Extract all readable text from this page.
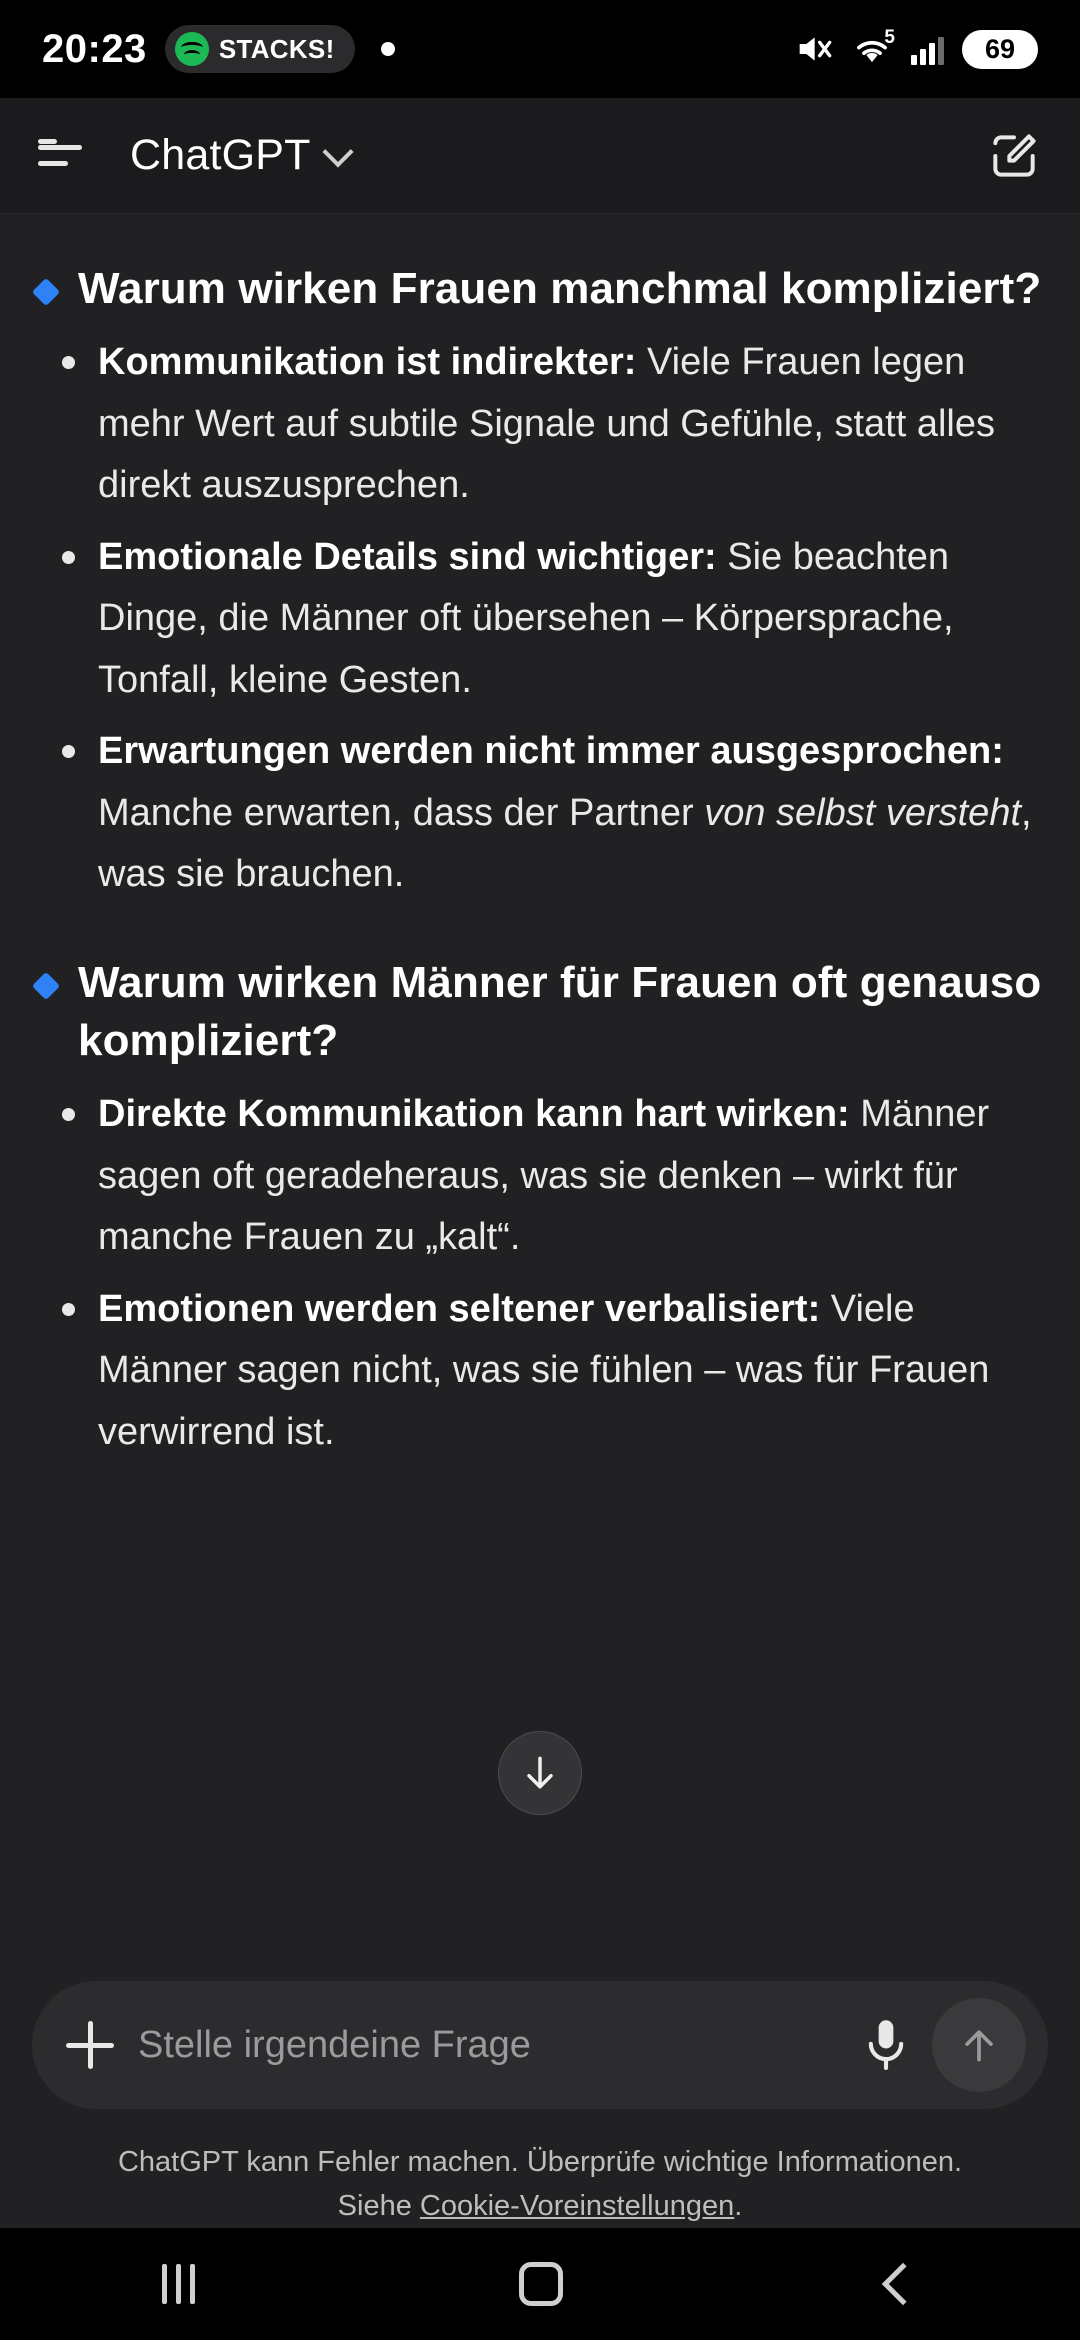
20:23	STACKS!	5	69
ChatGPT
Warum wirken Frauen manchmal kompliziert?
Kommunikation ist indirekter: Viele Frauen legen mehr Wert auf subtile Signale und Gefühle, statt alles direkt auszusprechen.
Emotionale Details sind wichtiger: Sie beachten Dinge, die Männer oft übersehen – Körpersprache, Tonfall, kleine Gesten.
Erwartungen werden nicht immer ausgesprochen: Manche erwarten, dass der Partner von selbst versteht, was sie brauchen.
Warum wirken Männer für Frauen oft genauso kompliziert?
Direkte Kommunikation kann hart wirken: Männer sagen oft geradeheraus, was sie denken – wirkt für manche Frauen zu „kalt“.
Emotionen werden seltener verbalisiert: Viele Männer sagen nicht, was sie fühlen – was für Frauen verwirrend ist.
Stelle irgendeine Frage
ChatGPT kann Fehler machen. Überprüfe wichtige Informationen.
Siehe Cookie-Voreinstellungen.
